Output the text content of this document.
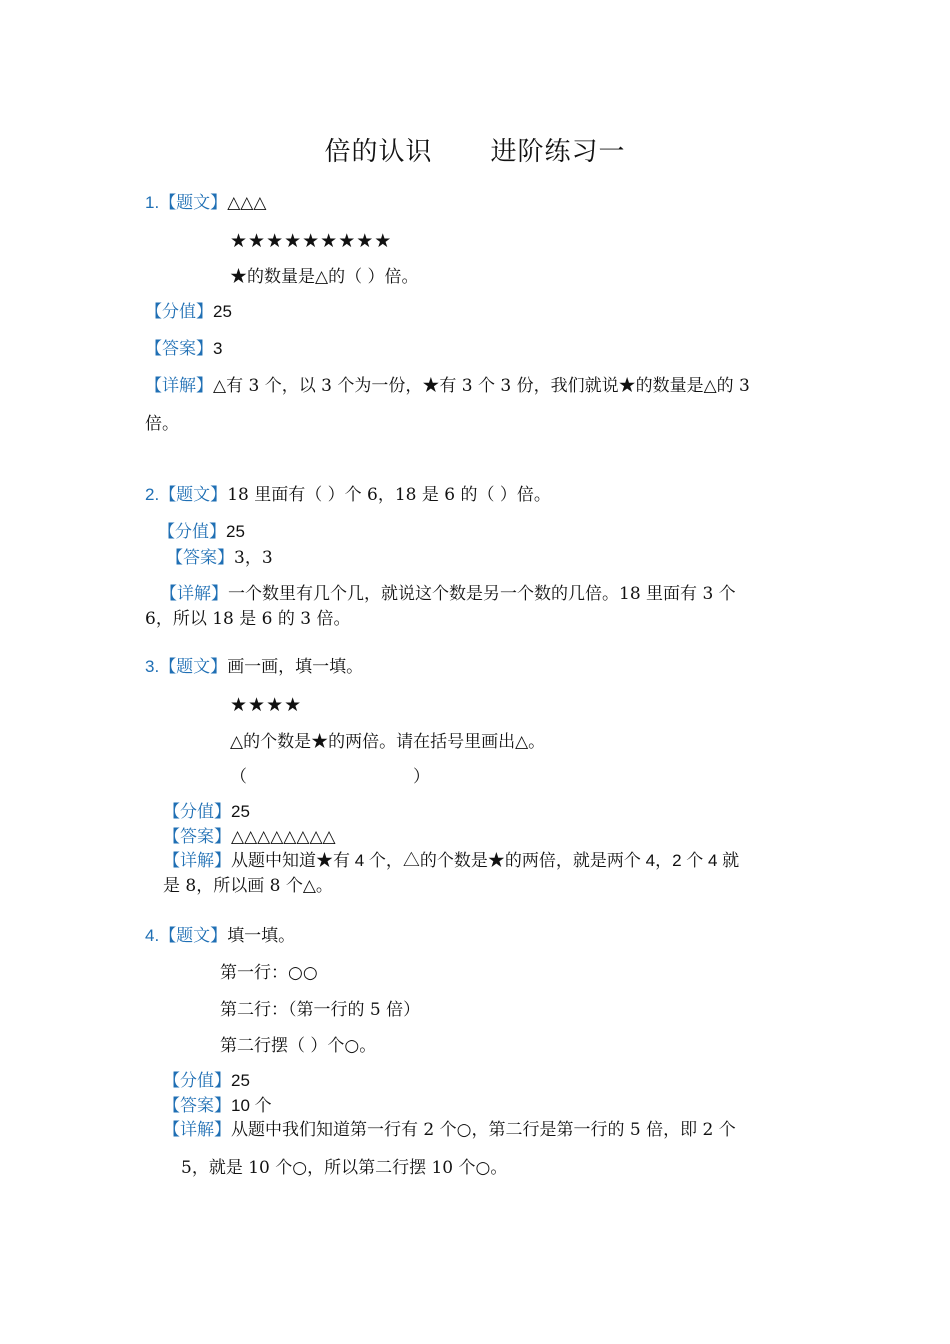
倍的认识 进阶练习一
1.【题文】△△△
★★★★★★★★★
★的数量是△的（ ）倍。
【分值】25
【答案】3
【详解】△有 3 个，以 3 个为一份，★有 3 个 3 份，我们就说★的数量是△的 3
倍。
2.【题文】18 里面有（ ）个 6，18 是 6 的（ ）倍。
【分值】25
【答案】3，3
【详解】一个数里有几个几，就说这个数是另一个数的几倍。18 里面有 3 个
6，所以 18 是 6 的 3 倍。
3.【题文】画一画，填一填。
★★★★
△的个数是★的两倍。请在括号里画出△。
（	）
【分值】25
【答案】△△△△△△△△
【详解】从题中知道★有 4 个，△的个数是★的两倍，就是两个 4，2 个 4 就
是 8，所以画 8 个△。
4.【题文】填一填。
第一行：○○
第二行：（第一行的 5 倍）
第二行摆（ ）个○。
【分值】25
【答案】10 个
【详解】从题中我们知道第一行有 2 个○，第二行是第一行的 5 倍，即 2 个
5，就是 10 个○，所以第二行摆 10 个○。
